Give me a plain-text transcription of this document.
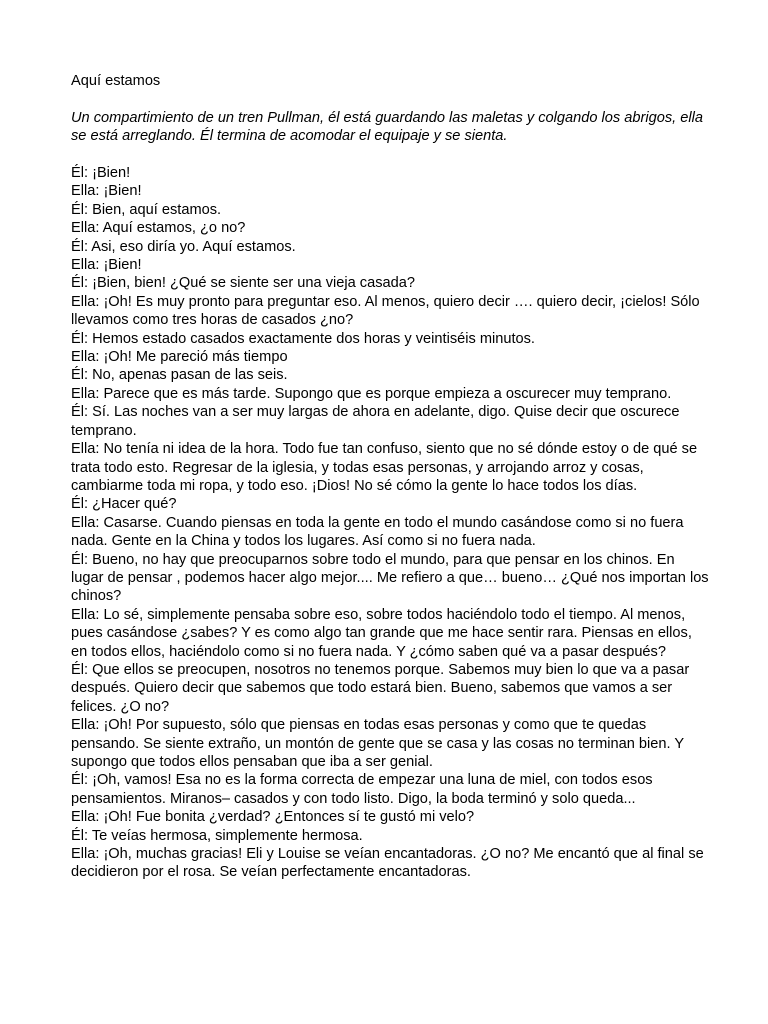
Aquí estamos

Un compartimiento de un tren Pullman, él está guardando las maletas y colgando los abrigos, ella se está arreglando. Él termina de acomodar el equipaje y se sienta.

Él: ¡Bien!

Ella: ¡Bien!

Él: Bien, aquí estamos.

Ella: Aquí estamos, ¿o no?

Él: Asi, eso diría yo. Aquí estamos.

Ella: ¡Bien!

Él: ¡Bien, bien! ¿Qué se siente ser una vieja casada?

Ella: ¡Oh! Es muy pronto para preguntar eso. Al menos, quiero decir …. quiero decir, ¡cielos! Sólo llevamos como tres horas de casados ¿no?

Él: Hemos estado casados exactamente dos horas y veintiséis minutos.

Ella: ¡Oh! Me pareció más tiempo

Él: No, apenas pasan de las seis.

Ella: Parece que es más tarde. Supongo que es porque empieza a oscurecer muy temprano.

Él: Sí. Las noches van a ser muy largas de ahora en adelante, digo. Quise decir que oscurece temprano.

Ella: No tenía ni idea de la hora. Todo fue tan confuso, siento que no sé dónde estoy o de qué se trata todo esto. Regresar de la iglesia, y todas esas personas, y arrojando arroz y cosas, cambiarme toda mi ropa, y todo eso. ¡Dios! No sé cómo la gente lo hace todos los días.

Él: ¿Hacer qué?

Ella: Casarse. Cuando piensas en toda la gente en todo el mundo casándose como si no fuera nada. Gente en la China y todos los lugares. Así como si no fuera nada.

Él: Bueno, no hay que preocuparnos sobre todo el mundo, para que pensar en los chinos. En lugar de pensar , podemos hacer algo mejor.... Me refiero a que… bueno… ¿Qué nos importan los chinos?

Ella: Lo sé, simplemente pensaba sobre eso, sobre todos haciéndolo todo el tiempo. Al menos, pues casándose ¿sabes? Y es como algo tan grande que me hace sentir rara. Piensas en ellos, en todos ellos, haciéndolo como si no fuera nada. Y ¿cómo saben qué va a pasar después?

Él: Que ellos se preocupen, nosotros no tenemos porque. Sabemos muy bien lo que va a pasar después. Quiero decir que sabemos que todo estará bien. Bueno, sabemos que vamos a ser felices. ¿O no?

Ella: ¡Oh! Por supuesto, sólo que piensas en todas esas personas y como que te quedas pensando. Se siente extraño, un montón de gente que se casa y las cosas no terminan bien. Y supongo que todos ellos pensaban que iba a ser genial.

Él: ¡Oh, vamos! Esa no es la forma correcta de empezar una luna de miel, con todos esos pensamientos. Miranos– casados y con todo listo. Digo, la boda terminó y solo queda...

Ella: ¡Oh! Fue bonita ¿verdad? ¿Entonces sí te gustó mi velo?

Él: Te veías hermosa, simplemente hermosa.

Ella: ¡Oh, muchas gracias! Eli y Louise se veían encantadoras. ¿O no? Me encantó que al final se decidieron por el rosa. Se veían perfectamente encantadoras.
